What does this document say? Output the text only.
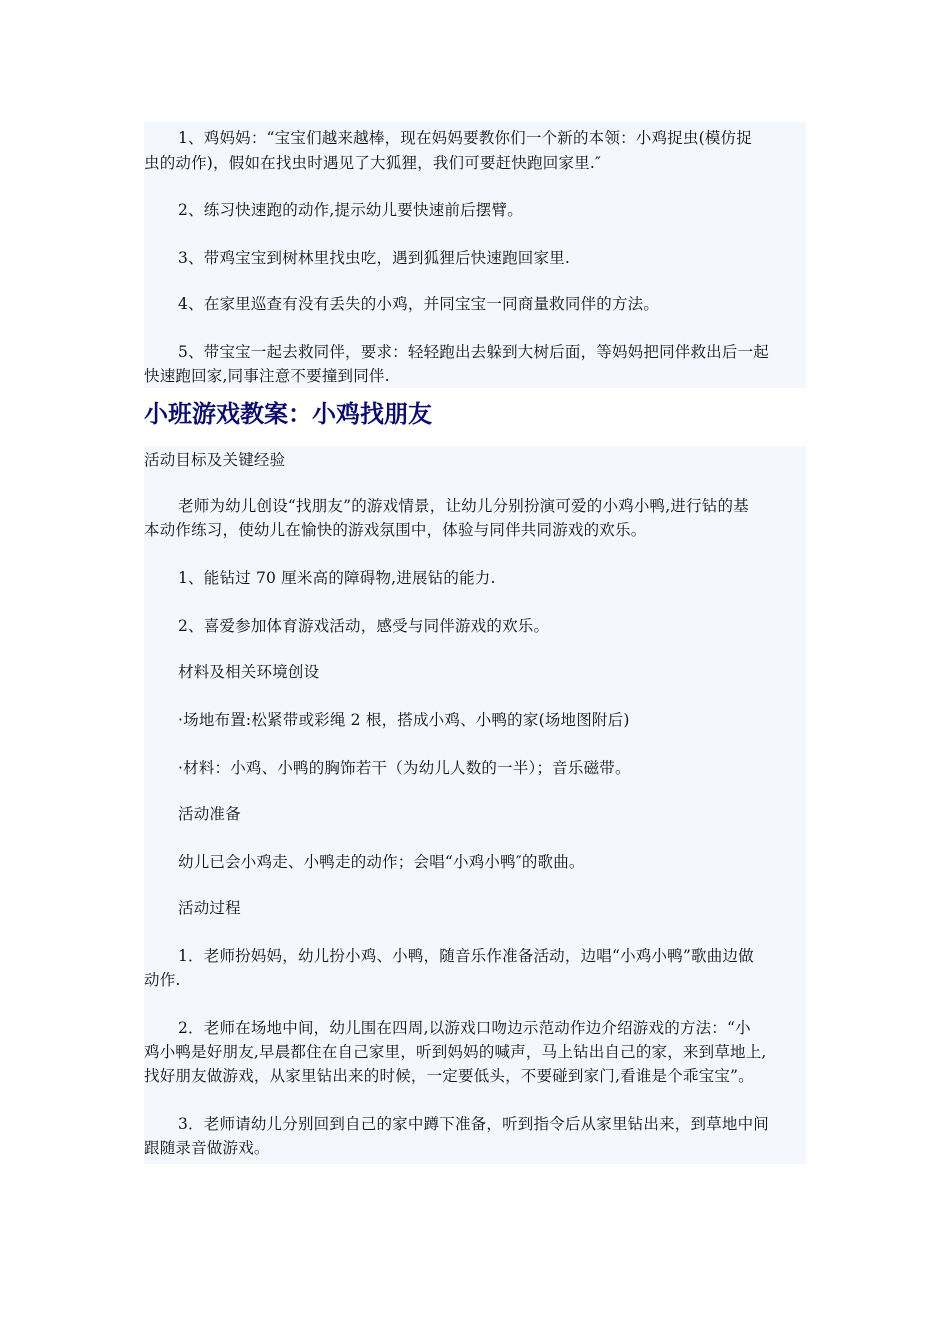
1、鸡妈妈：“宝宝们越来越棒，现在妈妈要教你们一个新的本领：小鸡捉虫(模仿捉
虫的动作)，假如在找虫时遇见了大狐狸，我们可要赶快跑回家里.″
2、练习快速跑的动作,提示幼儿要快速前后摆臂。
3、带鸡宝宝到树林里找虫吃，遇到狐狸后快速跑回家里.
4、在家里巡查有没有丢失的小鸡，并同宝宝一同商量救同伴的方法。
5、带宝宝一起去救同伴，要求：轻轻跑出去躲到大树后面，等妈妈把同伴救出后一起
快速跑回家,同事注意不要撞到同伴.
小班游戏教案：小鸡找朋友
活动目标及关键经验
老师为幼儿创设“找朋友”的游戏情景，让幼儿分别扮演可爱的小鸡小鸭,进行钻的基
本动作练习，使幼儿在愉快的游戏氛围中，体验与同伴共同游戏的欢乐。
1、能钻过 70 厘米高的障碍物,进展钻的能力.
2、喜爱参加体育游戏活动，感受与同伴游戏的欢乐。
材料及相关环境创设
·场地布置:松紧带或彩绳 2 根，搭成小鸡、小鸭的家(场地图附后)
·材料：小鸡、小鸭的胸饰若干（为幼儿人数的一半）；音乐磁带。
活动准备
幼儿已会小鸡走、小鸭走的动作；会唱“小鸡小鸭″的歌曲。
活动过程
1．老师扮妈妈，幼儿扮小鸡、小鸭，随音乐作准备活动，边唱“小鸡小鸭”歌曲边做
动作.
2．老师在场地中间，幼儿围在四周,以游戏口吻边示范动作边介绍游戏的方法：“小
鸡小鸭是好朋友,早晨都住在自己家里，听到妈妈的喊声，马上钻出自己的家，来到草地上,
找好朋友做游戏，从家里钻出来的时候，一定要低头，不要碰到家门,看谁是个乖宝宝”。
3．老师请幼儿分别回到自己的家中蹲下准备，听到指令后从家里钻出来，到草地中间
跟随录音做游戏。
